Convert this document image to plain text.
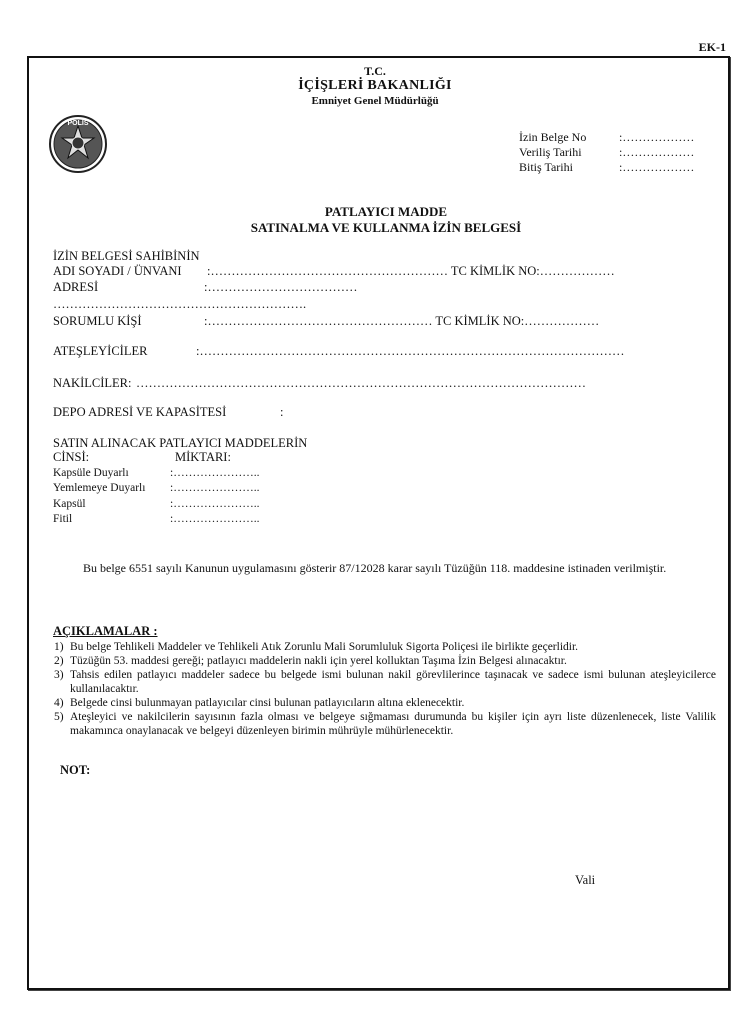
EK-1
T.C.
İÇİŞLERİ BAKANLIĞI
Emniyet Genel Müdürlüğü
POLİS
İzin Belge No	:………………
Veriliş Tarihi	:………………
Bitiş Tarihi	:………………
PATLAYICI MADDE
SATINALMA VE KULLANMA İZİN BELGESİ
İZİN BELGESİ SAHİBİNİN
ADI SOYADI / ÜNVANI :………………………………………………… TC KİMLİK NO:………………
ADRESİ	:………………………………
…………………………………………………….
SORUMLU KİŞİ	:……………………………………………… TC KİMLİK NO:………………
ATEŞLEYİCİLER	:…………………………………………………………………………………………
NAKİLCİLER: ………………………………………………………………………………………………
DEPO ADRESİ VE KAPASİTESİ	:
SATIN ALINACAK PATLAYICI MADDELERİN
CİNSİ:	MİKTARI:
Kapsüle Duyarlı	:…………………..
Yemlemeye Duyarlı :…………………..
Kapsül	:…………………..
Fitil	:…………………..
Bu belge 6551 sayılı Kanunun uygulamasını gösterir 87/12028 karar sayılı Tüzüğün 118. maddesine istinaden verilmiştir.
AÇIKLAMALAR :
1) Bu belge Tehlikeli Maddeler ve Tehlikeli Atık Zorunlu Mali Sorumluluk Sigorta Poliçesi ile birlikte geçerlidir.
2) Tüzüğün 53. maddesi gereği; patlayıcı maddelerin nakli için yerel kolluktan Taşıma İzin Belgesi alınacaktır.
3) Tahsis edilen patlayıcı maddeler sadece bu belgede ismi bulunan nakil görevlilerince taşınacak ve sadece ismi bulunan ateşleyicilerce kullanılacaktır.
4) Belgede cinsi bulunmayan patlayıcılar cinsi bulunan patlayıcıların altına eklenecektir.
5) Ateşleyici ve nakilcilerin sayısının fazla olması ve belgeye sığmaması durumunda bu kişiler için ayrı liste düzenlenecek, liste Valilik makamınca onaylanacak ve belgeyi düzenleyen birimin mührüyle mühürlenecektir.
NOT:
Vali
